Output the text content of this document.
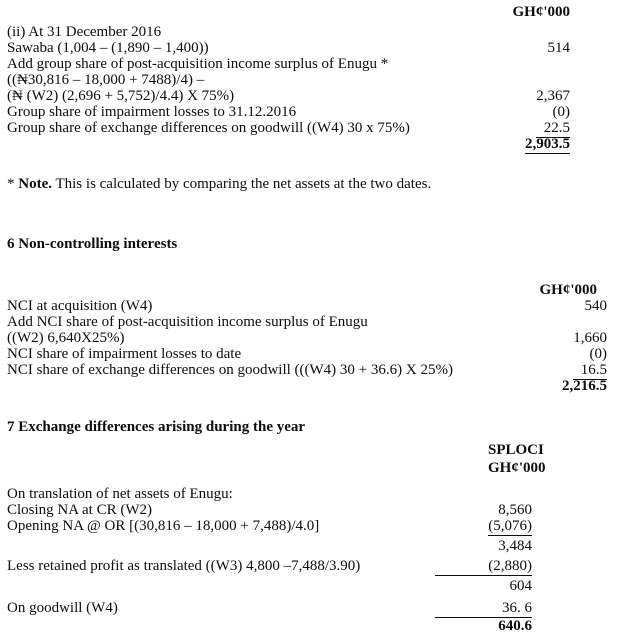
GH¢'000
(ii) At 31 December 2016
Sawaba (1,004 – (1,890 – 1,400))	514
Add group share of post-acquisition income surplus of Enugu *
((₦30,816 – 18,000 + 7488)/4) –
(₦ (W2) (2,696 + 5,752)/4.4) X 75%)	2,367
Group share of impairment losses to 31.12.2016	(0)
Group share of exchange differences on goodwill ((W4) 30 x 75%)	22.5
2,903.5
* Note. This is calculated by comparing the net assets at the two dates.
6 Non-controlling interests
GH¢'000
NCI at acquisition (W4)	540
Add NCI share of post-acquisition income surplus of Enugu
((W2) 6,640X25%)	1,660
NCI share of impairment losses to date	(0)
NCI share of exchange differences on goodwill (((W4) 30 + 36.6) X 25%)	16.5
2,216.5
7 Exchange differences arising during the year
SPLOCI
GH¢'000
On translation of net assets of Enugu:
Closing NA at CR (W2)	8,560
Opening NA @ OR [(30,816 – 18,000 + 7,488)/4.0]	(5,076)
3,484
Less retained profit as translated ((W3) 4,800 –7,488/3.90)	(2,880)
604
On goodwill (W4)	36. 6
640.6
